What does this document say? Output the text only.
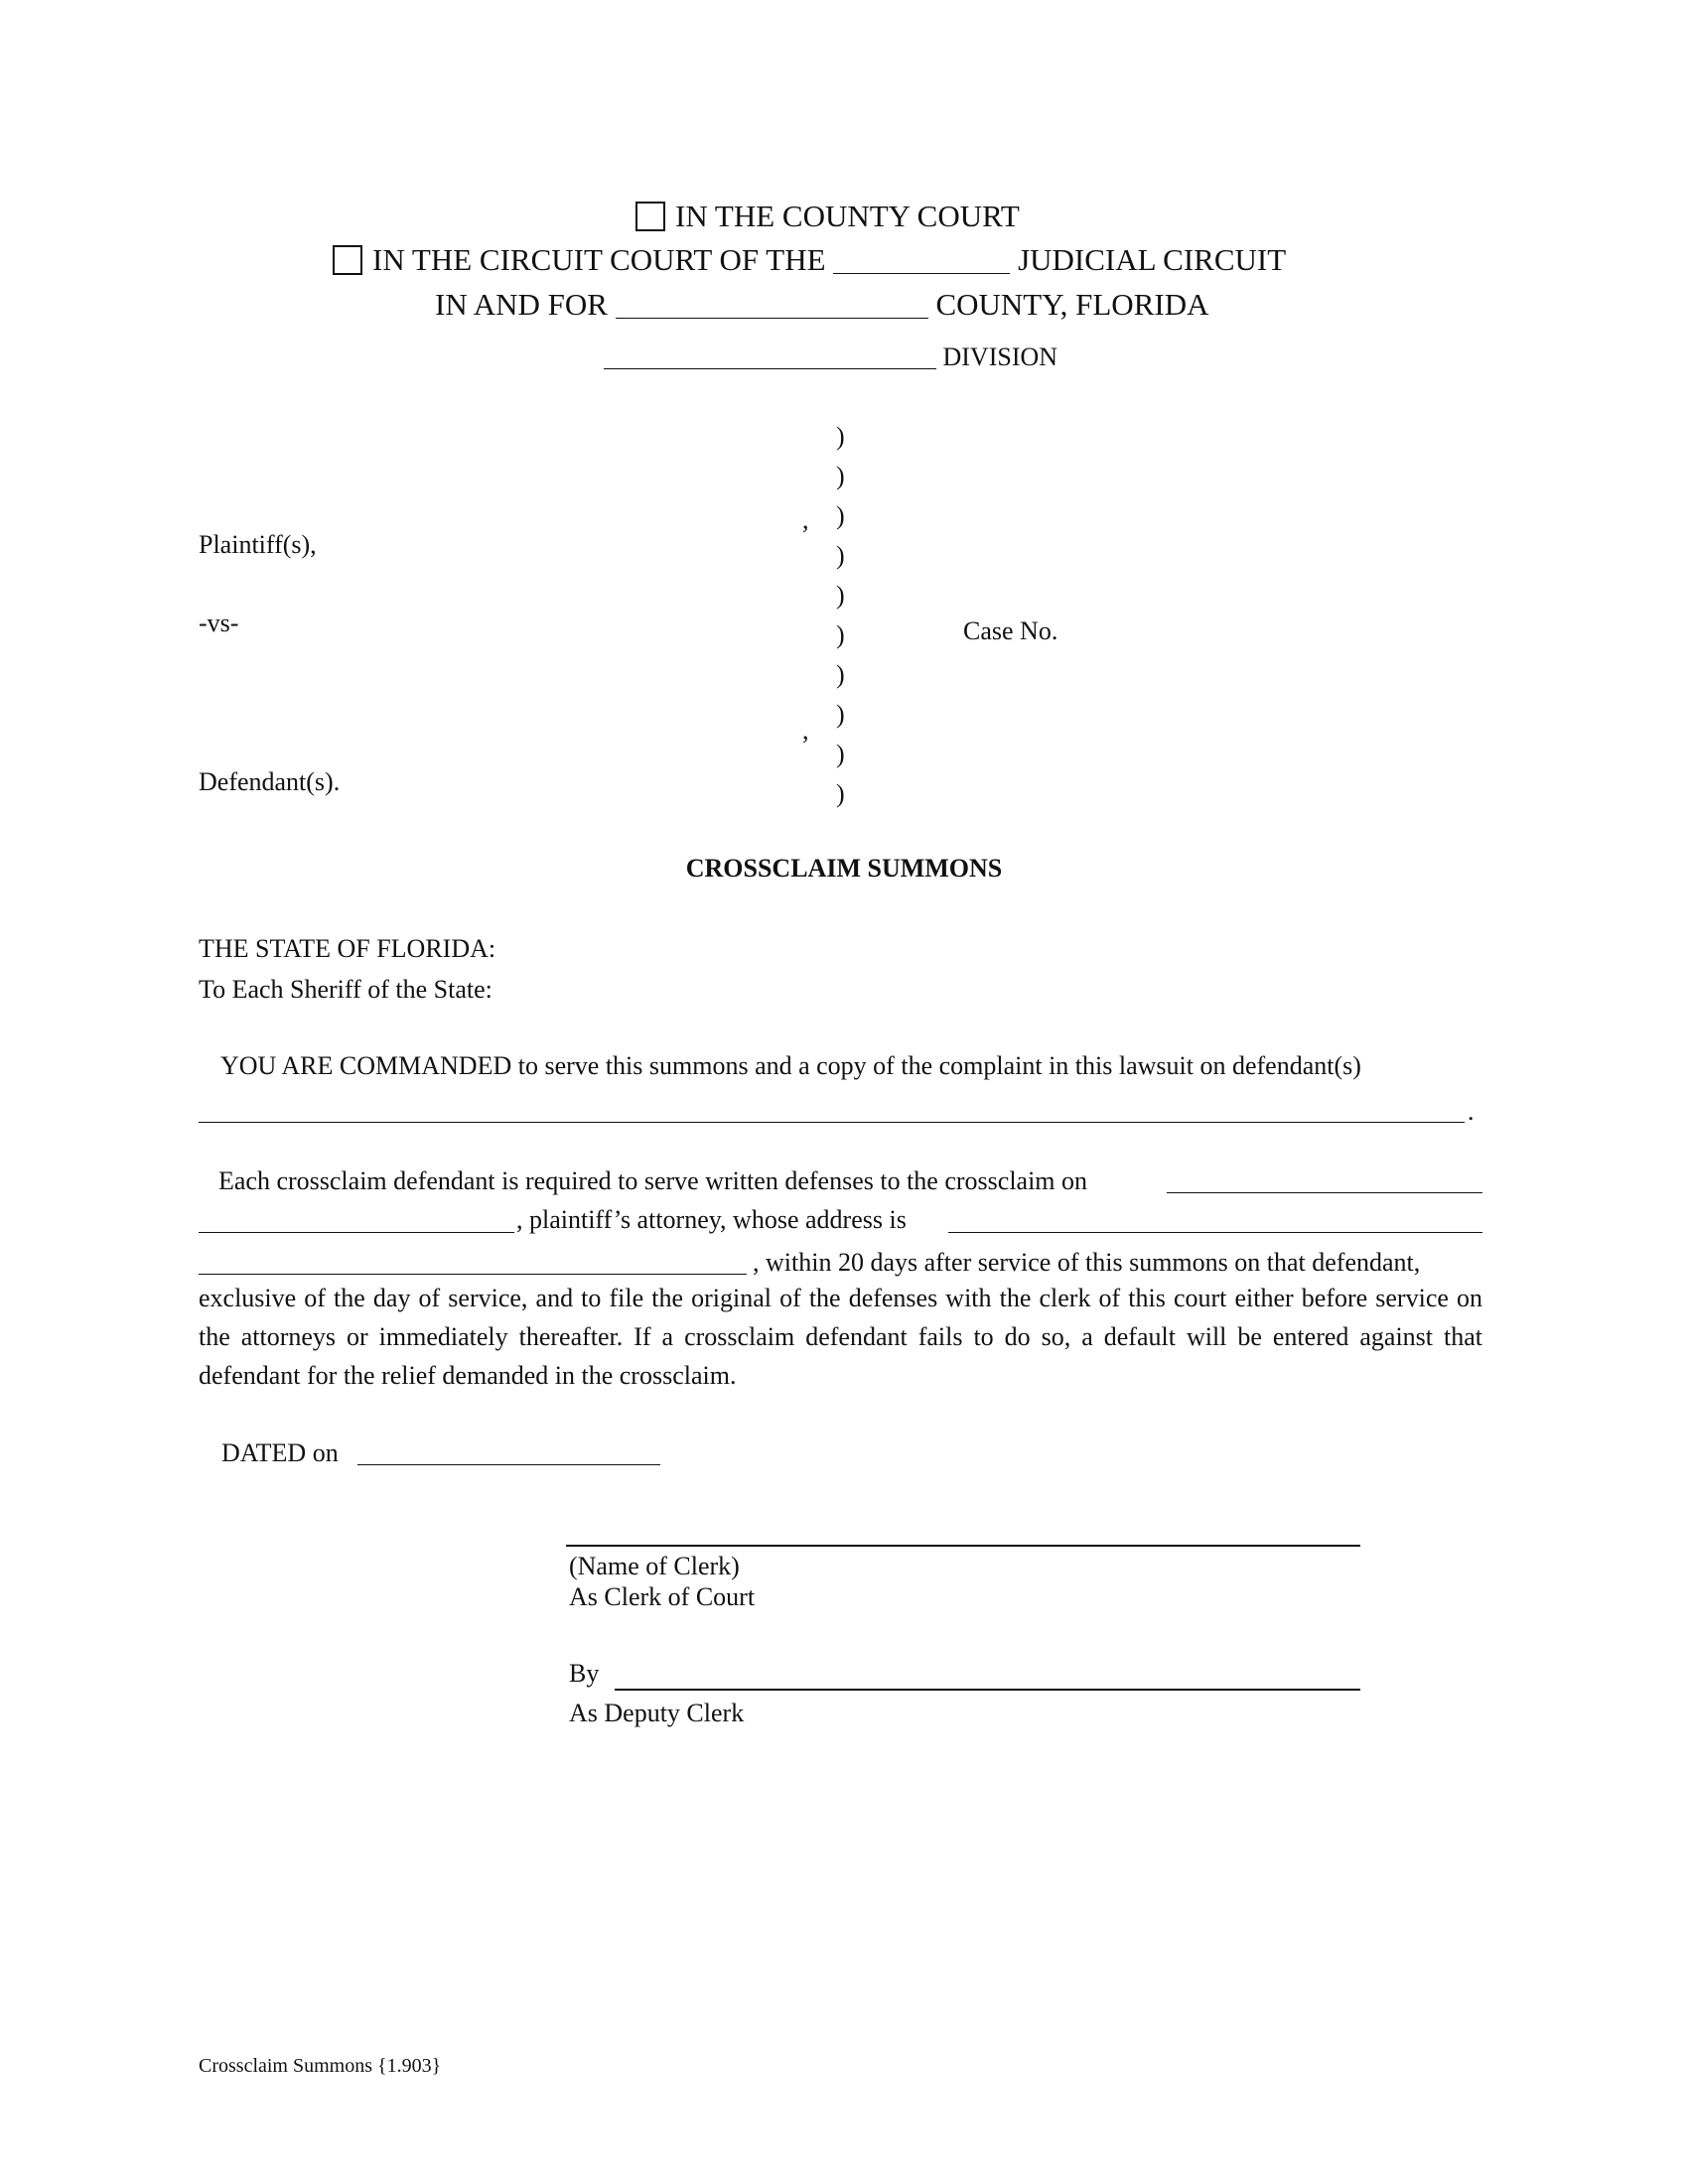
IN THE COUNTY COURT
IN THE CIRCUIT COURT OF THE	JUDICIAL CIRCUIT
IN AND FOR	COUNTY, FLORIDA
DIVISION
Plaintiff(s),
-vs-
Defendant(s).
,
,
Case No.
)
)
)
)
)
)
)
)
)
)
CROSSCLAIM SUMMONS
THE STATE OF FLORIDA:
To Each Sheriff of the State:
YOU ARE COMMANDED to serve this summons and a copy of the complaint in this lawsuit on defendant(s)
.
Each crossclaim defendant is required to serve written defenses to the crossclaim on
, plaintiff’s attorney, whose address is
, within 20 days after service of this summons on that defendant,
exclusive of the day of service, and to file the original of the defenses with the clerk of this court either before service on the attorneys or immediately thereafter. If a crossclaim defendant fails to do so, a default will be entered against that defendant for the relief demanded in the crossclaim.
DATED on
(Name of Clerk)
As Clerk of Court
By
As Deputy Clerk
Crossclaim Summons {1.903}
